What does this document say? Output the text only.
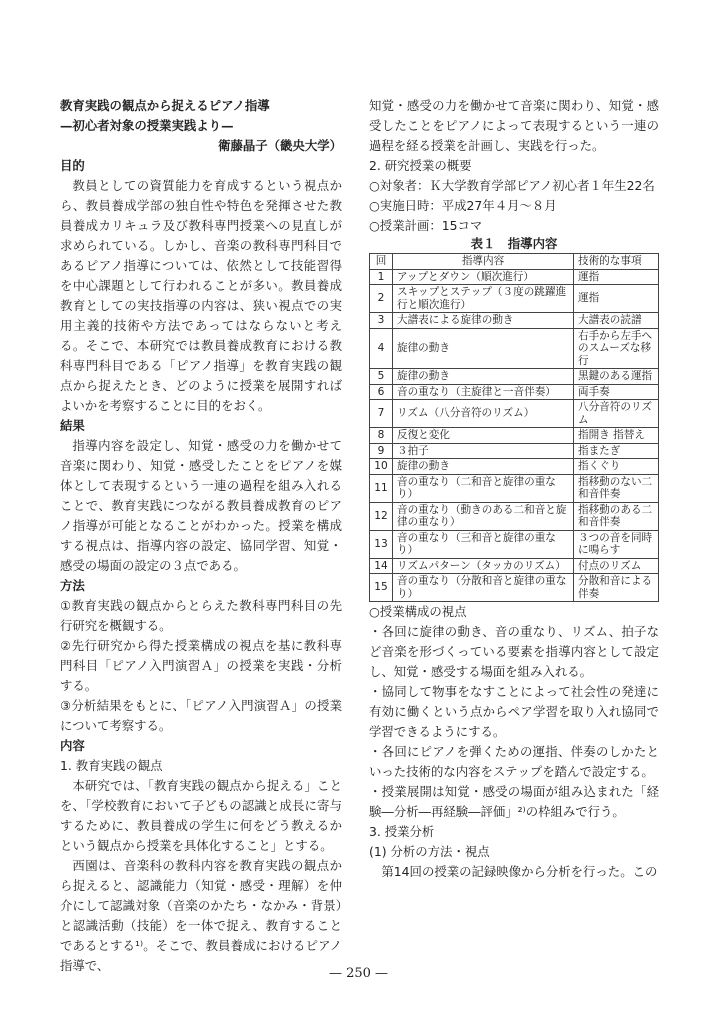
教育実践の観点から捉えるピアノ指導

—初心者対象の授業実践より—

衛藤晶子（畿央大学）

目的

教員としての資質能力を育成するという視点から、教員養成学部の独自性や特色を発揮させた教員養成カリキュラ及び教科専門授業への見直しが求められている。しかし、音楽の教科専門科目であるピアノ指導については、依然として技能習得を中心課題として行われることが多い。教員養成教育としての実技指導の内容は、狭い視点での実用主義的技術や方法であってはならないと考える。そこで、本研究では教員養成教育における教科専門科目である「ピアノ指導」を教育実践の観点から捉えたとき、どのように授業を展開すればよいかを考察することに目的をおく。

結果

指導内容を設定し、知覚・感受の力を働かせて音楽に関わり、知覚・感受したことをピアノを媒体として表現するという一連の過程を組み入れることで、教育実践につながる教員養成教育のピアノ指導が可能となることがわかった。授業を構成する視点は、指導内容の設定、協同学習、知覚・感受の場面の設定の３点である。

方法

①教育実践の観点からとらえた教科専門科目の先行研究を概観する。

②先行研究から得た授業構成の視点を基に教科専門科目「ピアノ入門演習Ａ」の授業を実践・分析する。

③分析結果をもとに、「ピアノ入門演習Ａ」の授業について考察する。

内容

1. 教育実践の観点

本研究では、「教育実践の観点から捉える」ことを、「学校教育において子どもの認識と成長に寄与するために、教員養成の学生に何をどう教えるかという観点から授業を具体化すること」とする。

西園は、音楽科の教科内容を教育実践の観点から捉えると、認識能力（知覚・感受・理解）を仲介にして認識対象（音楽のかたち・なかみ・背景）と認識活動（技能）を一体で捉え、教育することであるとする¹⁾。そこで、教員養成におけるピアノ指導で、

知覚・感受の力を働かせて音楽に関わり、知覚・感受したことをピアノによって表現するという一連の過程を経る授業を計画し、実践を行った。

2. 研究授業の概要

○対象者：Ｋ大学教育学部ピアノ初心者１年生22名

○実施日時：平成27年４月〜８月

○授業計画：15コマ

表１　指導内容

回	指導内容	技術的な事項
1	アップとダウン（順次進行）	運指
2	スキップとステップ（３度の跳躍進行と順次進行）	運指
3	大譜表による旋律の動き	大譜表の読譜
4	旋律の動き	右手から左手へのスムーズな移行
5	旋律の動き	黒鍵のある運指
6	音の重なり（主旋律と一音伴奏）	両手奏
7	リズム（八分音符のリズム）	八分音符のリズム
8	反復と変化	指開き 指替え
9	３拍子	指またぎ
10	旋律の動き	指くぐり
11	音の重なり（二和音と旋律の重なり）	指移動のない二和音伴奏
12	音の重なり（動きのある二和音と旋律の重なり）	指移動のある二和音伴奏
13	音の重なり（三和音と旋律の重なり）	３つの音を同時に鳴らす
14	リズムパターン（タッカのリズム）	付点のリズム
15	音の重なり（分散和音と旋律の重なり）	分散和音による伴奏

○授業構成の視点

・各回に旋律の動き、音の重なり、リズム、拍子など音楽を形づくっている要素を指導内容として設定し、知覚・感受する場面を組み入れる。

・協同して物事をなすことによって社会性の発達に有効に働くという点からペア学習を取り入れ協同で学習できるようにする。

・各回にピアノを弾くための運指、伴奏のしかたといった技術的な内容をステップを踏んで設定する。

・授業展開は知覚・感受の場面が組み込まれた「経験―分析―再経験―評価」²⁾の枠組みで行う。

3. 授業分析

(1) 分析の方法・視点

第14回の授業の記録映像から分析を行った。この

— 250 —
